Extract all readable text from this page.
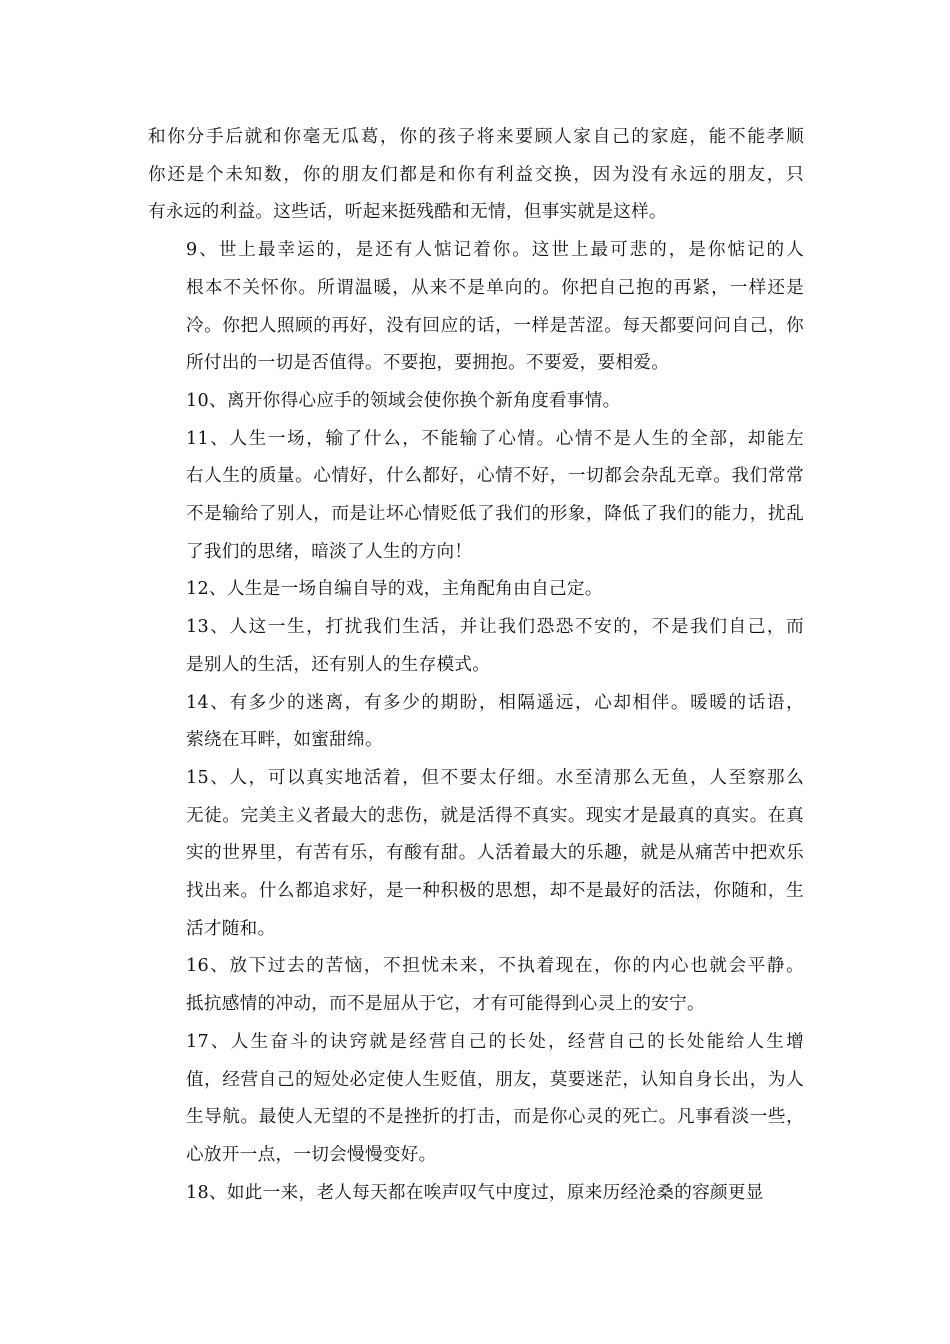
和你分手后就和你毫无瓜葛，你的孩子将来要顾人家自己的家庭，能不能孝顺
你还是个未知数，你的朋友们都是和你有利益交换，因为没有永远的朋友，只
有永远的利益。这些话，听起来挺残酷和无情，但事实就是这样。
9、世上最幸运的，是还有人惦记着你。这世上最可悲的，是你惦记的人
根本不关怀你。所谓温暖，从来不是单向的。你把自己抱的再紧，一样还是
冷。你把人照顾的再好，没有回应的话，一样是苦涩。每天都要问问自己，你
所付出的一切是否值得。不要抱，要拥抱。不要爱，要相爱。
10、离开你得心应手的领域会使你换个新角度看事情。
11、人生一场，输了什么，不能输了心情。心情不是人生的全部，却能左
右人生的质量。心情好，什么都好，心情不好，一切都会杂乱无章。我们常常
不是输给了别人，而是让坏心情贬低了我们的形象，降低了我们的能力，扰乱
了我们的思绪，暗淡了人生的方向！
12、人生是一场自编自导的戏，主角配角由自己定。
13、人这一生，打扰我们生活，并让我们恐恐不安的，不是我们自己，而
是别人的生活，还有别人的生存模式。
14、有多少的迷离，有多少的期盼，相隔遥远，心却相伴。暖暖的话语，
萦绕在耳畔，如蜜甜绵。
15、人，可以真实地活着，但不要太仔细。水至清那么无鱼，人至察那么
无徒。完美主义者最大的悲伤，就是活得不真实。现实才是最真的真实。在真
实的世界里，有苦有乐，有酸有甜。人活着最大的乐趣，就是从痛苦中把欢乐
找出来。什么都追求好，是一种积极的思想，却不是最好的活法，你随和，生
活才随和。
16、放下过去的苦恼，不担忧未来，不执着现在，你的内心也就会平静。
抵抗感情的冲动，而不是屈从于它，才有可能得到心灵上的安宁。
17、人生奋斗的诀窍就是经营自己的长处，经营自己的长处能给人生增
值，经营自己的短处必定使人生贬值，朋友，莫要迷茫，认知自身长出，为人
生导航。最使人无望的不是挫折的打击，而是你心灵的死亡。凡事看淡一些，
心放开一点，一切会慢慢变好。
18、如此一来，老人每天都在唉声叹气中度过，原来历经沧桑的容颜更显
